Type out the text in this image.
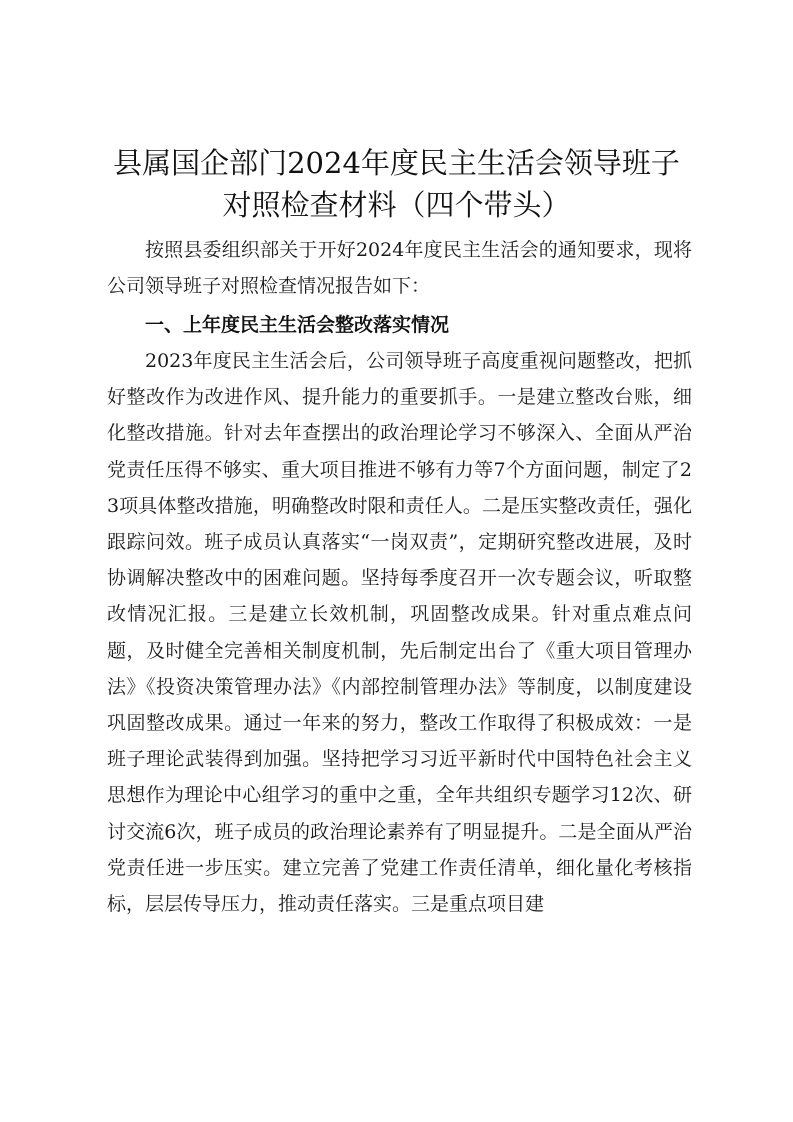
县属国企部门2024年度民主生活会领导班子
对照检查材料（四个带头）

按照县委组织部关于开好2024年度民主生活会的通知要求，现将公司领导班子对照检查情况报告如下：

一、上年度民主生活会整改落实情况

2023年度民主生活会后，公司领导班子高度重视问题整改，把抓好整改作为改进作风、提升能力的重要抓手。一是建立整改台账，细化整改措施。针对去年查摆出的政治理论学习不够深入、全面从严治党责任压得不够实、重大项目推进不够有力等7个方面问题，制定了23项具体整改措施，明确整改时限和责任人。二是压实整改责任，强化跟踪问效。班子成员认真落实“一岗双责”，定期研究整改进展，及时协调解决整改中的困难问题。坚持每季度召开一次专题会议，听取整改情况汇报。三是建立长效机制，巩固整改成果。针对重点难点问题，及时健全完善相关制度机制，先后制定出台了《重大项目管理办法》《投资决策管理办法》《内部控制管理办法》等制度，以制度建设巩固整改成果。通过一年来的努力，整改工作取得了积极成效：一是班子理论武装得到加强。坚持把学习习近平新时代中国特色社会主义思想作为理论中心组学习的重中之重，全年共组织专题学习12次、研讨交流6次，班子成员的政治理论素养有了明显提升。二是全面从严治党责任进一步压实。建立完善了党建工作责任清单，细化量化考核指标，层层传导压力，推动责任落实。三是重点项目建
